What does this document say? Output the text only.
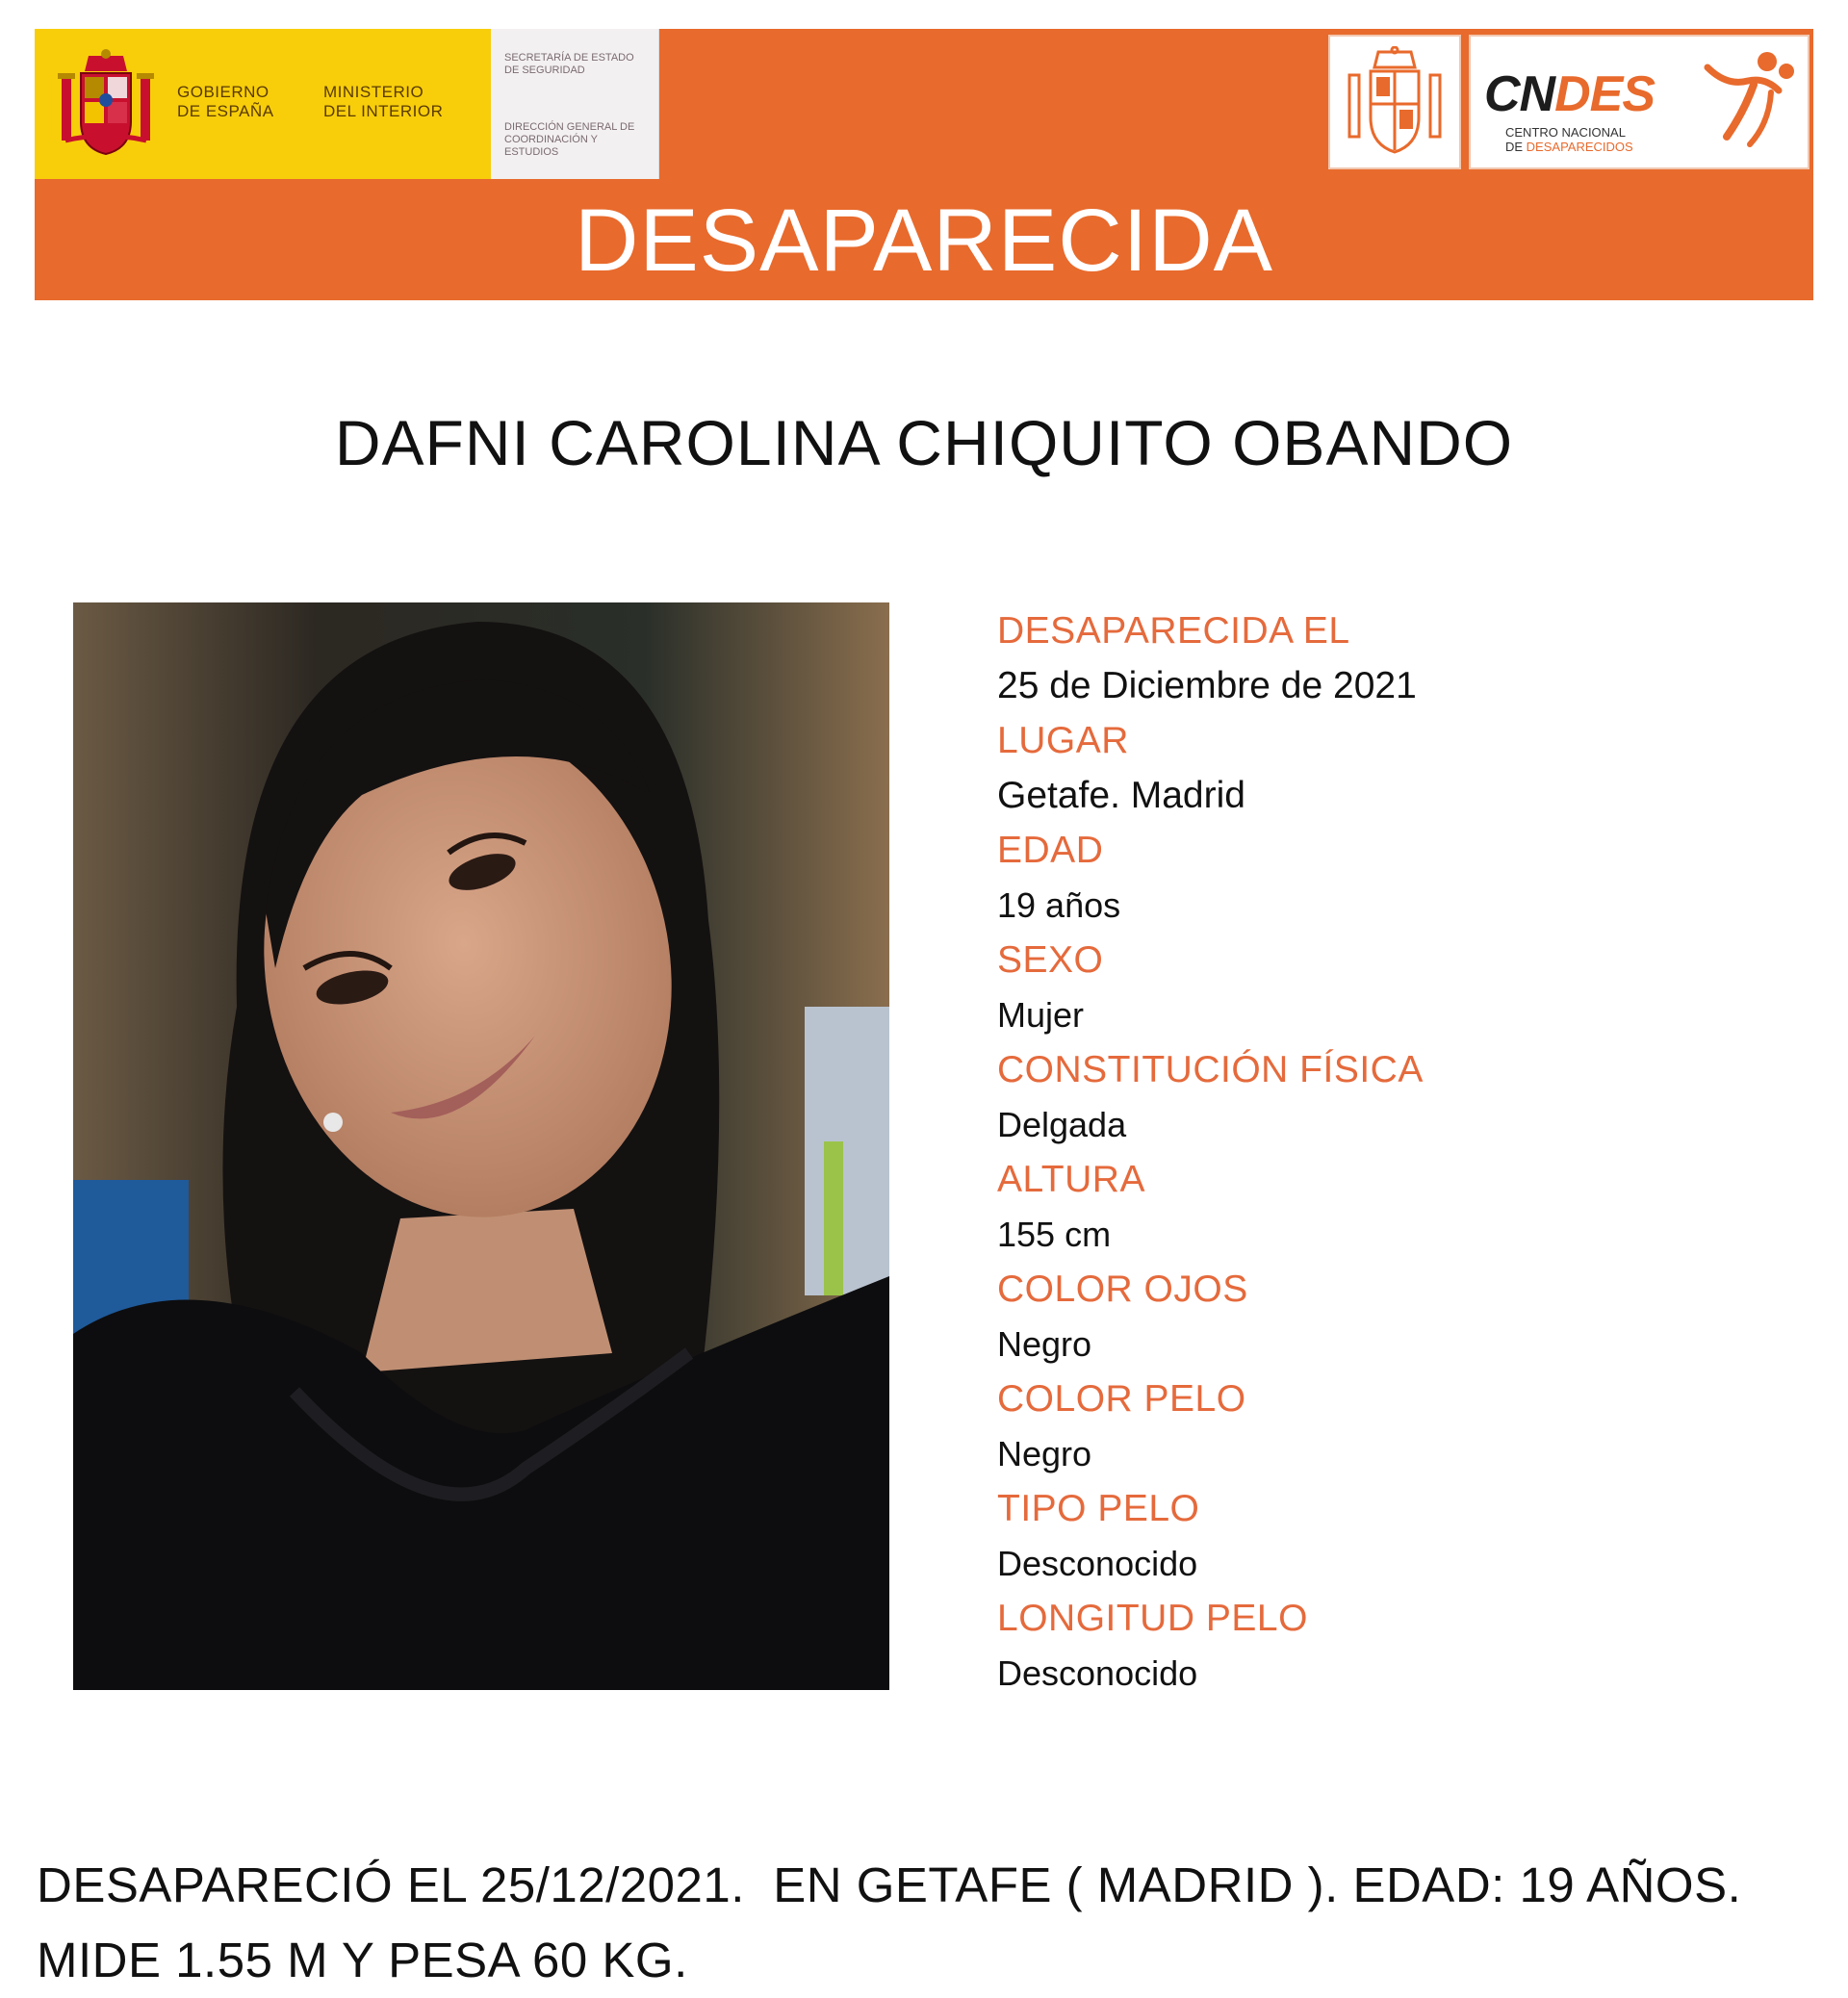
GOBIERNO DE ESPAÑA
MINISTERIO DEL INTERIOR
SECRETARÍA DE ESTADO DE SEGURIDAD
DIRECCIÓN GENERAL DE COORDINACIÓN Y ESTUDIOS
CNDES
CENTRO NACIONAL
DE DESAPARECIDOS
DESAPARECIDA
DAFNI CAROLINA CHIQUITO OBANDO
DESAPARECIDA EL
25 de Diciembre de 2021
LUGAR
Getafe. Madrid
EDAD
19 años
SEXO
Mujer
CONSTITUCIÓN FÍSICA
Delgada
ALTURA
155 cm
COLOR OJOS
Negro
COLOR PELO
Negro
TIPO PELO
Desconocido
LONGITUD PELO
Desconocido
DESAPARECIÓ EL 25/12/2021.  EN GETAFE ( MADRID ). EDAD: 19 AÑOS.
MIDE 1.55 M Y PESA 60 KG.
